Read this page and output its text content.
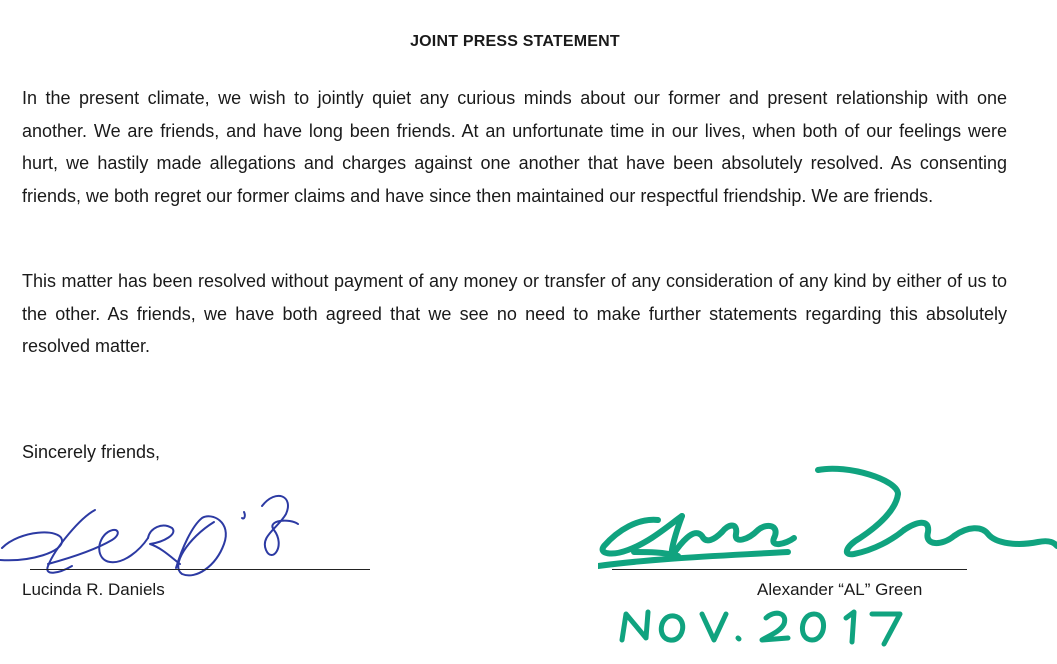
JOINT PRESS STATEMENT

In the present climate, we wish to jointly quiet any curious minds about our former and present relationship with one another. We are friends, and have long been friends. At an unfortunate time in our lives, when both of our feelings were hurt, we hastily made allegations and charges against one another that have been absolutely resolved. As consenting friends, we both regret our former claims and have since then maintained our respectful friendship. We are friends.

This matter has been resolved without payment of any money or transfer of any consideration of any kind by either of us to the other. As friends, we have both agreed that we see no need to make further statements regarding this absolutely resolved matter.

Sincerely friends,
Lucinda R. Daniels	Alexander “AL” Green
